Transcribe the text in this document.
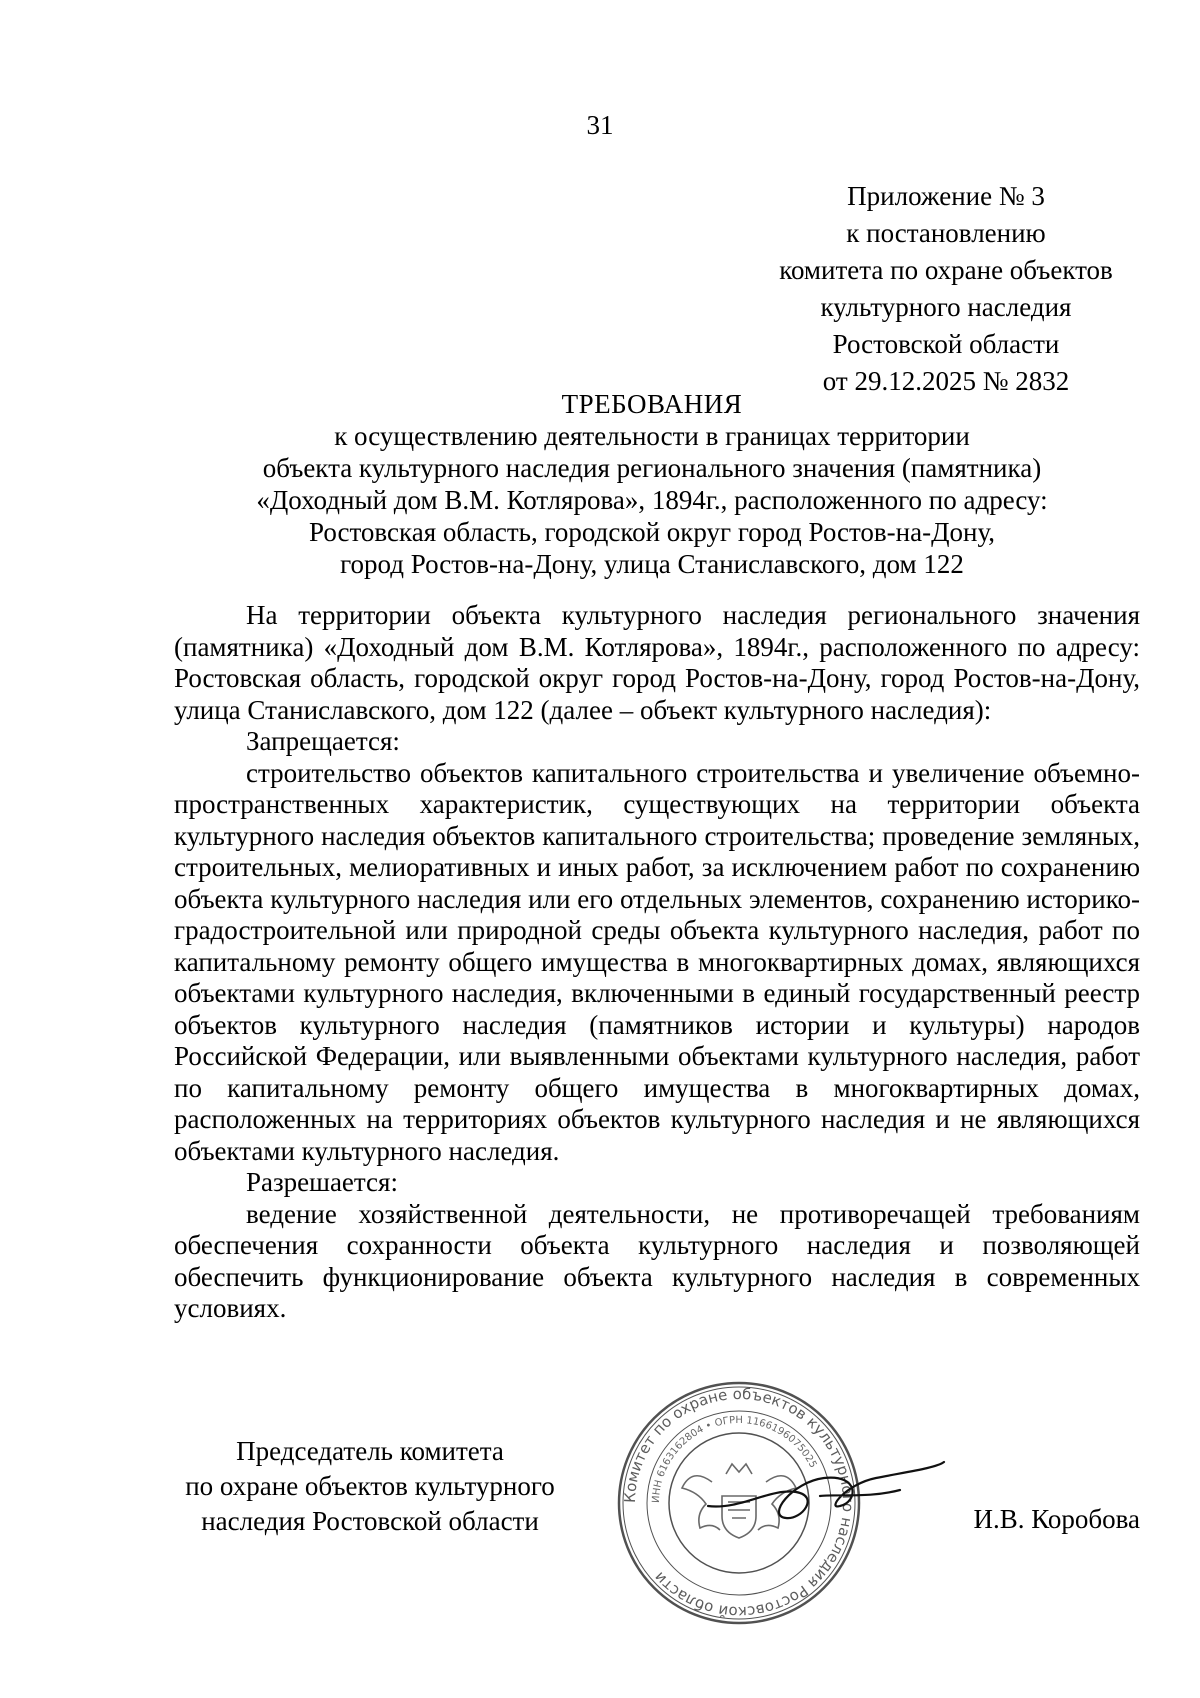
31
Приложение № 3
к постановлению
комитета по охране объектов
культурного наследия
Ростовской области
от 29.12.2025 № 2832
ТРЕБОВАНИЯ
к осуществлению деятельности в границах территории
объекта культурного наследия регионального значения (памятника)
«Доходный дом В.М. Котлярова», 1894г., расположенного по адресу:
Ростовская область, городской округ город Ростов-на-Дону,
город Ростов-на-Дону, улица Станиславского, дом 122

На территории объекта культурного наследия регионального значения (памятника) «Доходный дом В.М. Котлярова», 1894г., расположенного по адресу: Ростовская область, городской округ город Ростов-на-Дону, город Ростов-на-Дону, улица Станиславского, дом 122 (далее – объект культурного наследия):

Запрещается:

строительство объектов капитального строительства и увеличение объемно-пространственных характеристик, существующих на территории объекта культурного наследия объектов капитального строительства; проведение земляных, строительных, мелиоративных и иных работ, за исключением работ по сохранению объекта культурного наследия или его отдельных элементов, сохранению историко-градостроительной или природной среды объекта культурного наследия, работ по капитальному ремонту общего имущества в многоквартирных домах, являющихся объектами культурного наследия, включенными в единый государственный реестр объектов культурного наследия (памятников истории и культуры) народов Российской Федерации, или выявленными объектами культурного наследия, работ по капитальному ремонту общего имущества в многоквартирных домах, расположенных на территориях объектов культурного наследия и не являющихся объектами культурного наследия.

Разрешается:

ведение хозяйственной деятельности, не противоречащей требованиям обеспечения сохранности объекта культурного наследия и позволяющей обеспечить функционирование объекта культурного наследия в современных условиях.

Председатель комитета
по охране объектов культурного
наследия Ростовской области
Комитет по охране объектов культурного наследия Ростовской области
ИНН 6163162804 • ОГРН 1166196075025
И.В. Коробова
